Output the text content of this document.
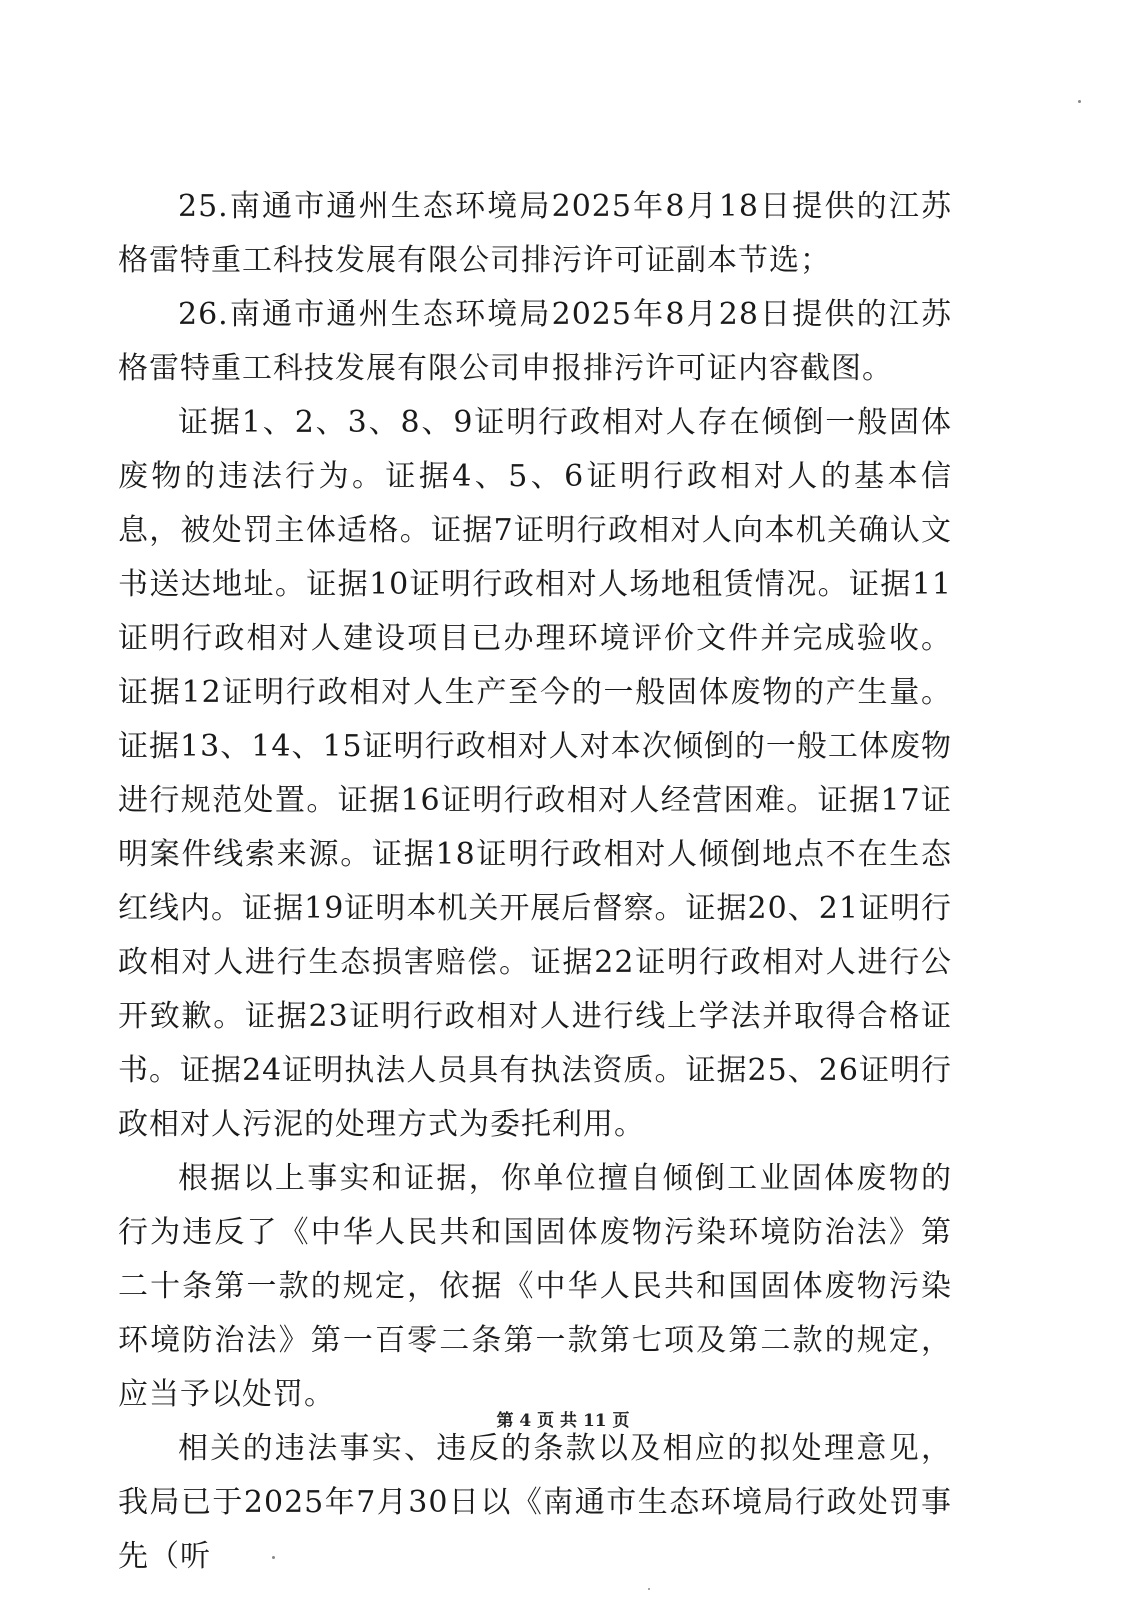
25.南通市通州生态环境局2025年8月18日提供的江苏格雷特重工科技发展有限公司排污许可证副本节选；

26.南通市通州生态环境局2025年8月28日提供的江苏格雷特重工科技发展有限公司申报排污许可证内容截图。

证据1、2、3、8、9证明行政相对人存在倾倒一般固体废物的违法行为。证据4、5、6证明行政相对人的基本信息，被处罚主体适格。证据7证明行政相对人向本机关确认文书送达地址。证据10证明行政相对人场地租赁情况。证据11证明行政相对人建设项目已办理环境评价文件并完成验收。证据12证明行政相对人生产至今的一般固体废物的产生量。证据13、14、15证明行政相对人对本次倾倒的一般工体废物进行规范处置。证据16证明行政相对人经营困难。证据17证明案件线索来源。证据18证明行政相对人倾倒地点不在生态红线内。证据19证明本机关开展后督察。证据20、21证明行政相对人进行生态损害赔偿。证据22证明行政相对人进行公开致歉。证据23证明行政相对人进行线上学法并取得合格证书。证据24证明执法人员具有执法资质。证据25、26证明行政相对人污泥的处理方式为委托利用。

根据以上事实和证据，你单位擅自倾倒工业固体废物的行为违反了《中华人民共和国固体废物污染环境防治法》第二十条第一款的规定，依据《中华人民共和国固体废物污染环境防治法》第一百零二条第一款第七项及第二款的规定，应当予以处罚。

相关的违法事实、违反的条款以及相应的拟处理意见，我局已于2025年7月30日以《南通市生态环境局行政处罚事先（听

第 4 页 共 11 页
